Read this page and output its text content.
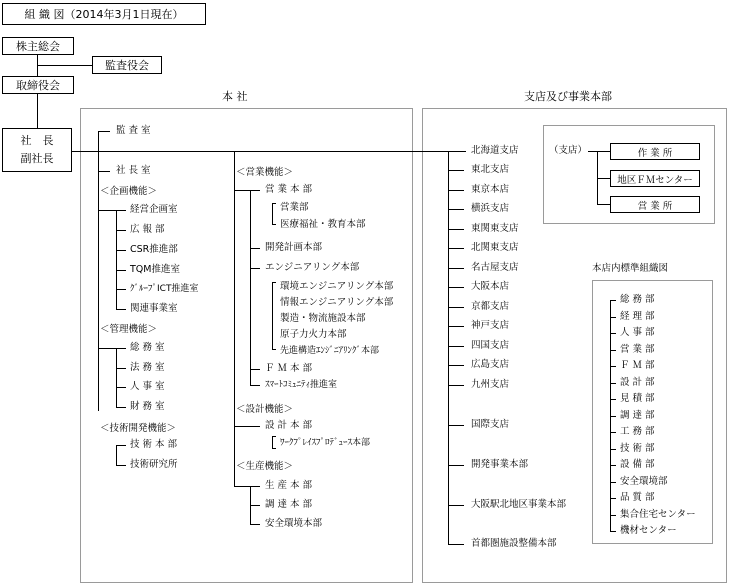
組 織 図（2014年3月1日現在）
株主総会
監査役会
取締役会
社　長
副社長
本 社	支店及び事業本部
監 査 室
社 長 室
＜企画機能＞
経営企画室
広 報 部
CSR推進部
TQM推進室
ｸﾞﾙｰﾌﾟICT推進室
関連事業室
＜管理機能＞
総 務 室
法 務 室
人 事 室
財 務 室
＜技術開発機能＞
技 術 本 部
技術研究所
＜営業機能＞
営 業 本 部
営業部
医療福祉・教育本部
開発計画本部
エンジニアリング本部
環境エンジニアリング本部
情報エンジニアリング本部
製造・物流施設本部
原子力火力本部
先進構造ｴﾝｼﾞﾆｱﾘﾝｸﾞ本部
Ｆ Ｍ 本 部
ｽﾏｰﾄｺﾐｭﾆﾃｨ推進室
＜設計機能＞
設 計 本 部
ﾜｰｸﾌﾟﾚｲｽﾌﾟﾛﾃﾞｭｰｽ本部
＜生産機能＞
生 産 本 部
調 達 本 部
安全環境本部
北海道支店
東北支店
東京本店
横浜支店
東関東支店
北関東支店
名古屋支店
大阪本店
京都支店
神戸支店
四国支店
広島支店
九州支店
国際支店
開発事業本部
大阪駅北地区事業本部
首都圏施設整備本部
（支店）	作 業 所
地区ＦＭセンター
営 業 所
本店内標準組織図
総 務 部
経 理 部
人 事 部
営 業 部
Ｆ Ｍ 部
設 計 部
見 積 部
調 達 部
工 務 部
技 術 部
設 備 部
安全環境部
品 質 部
集合住宅センター
機材センター
